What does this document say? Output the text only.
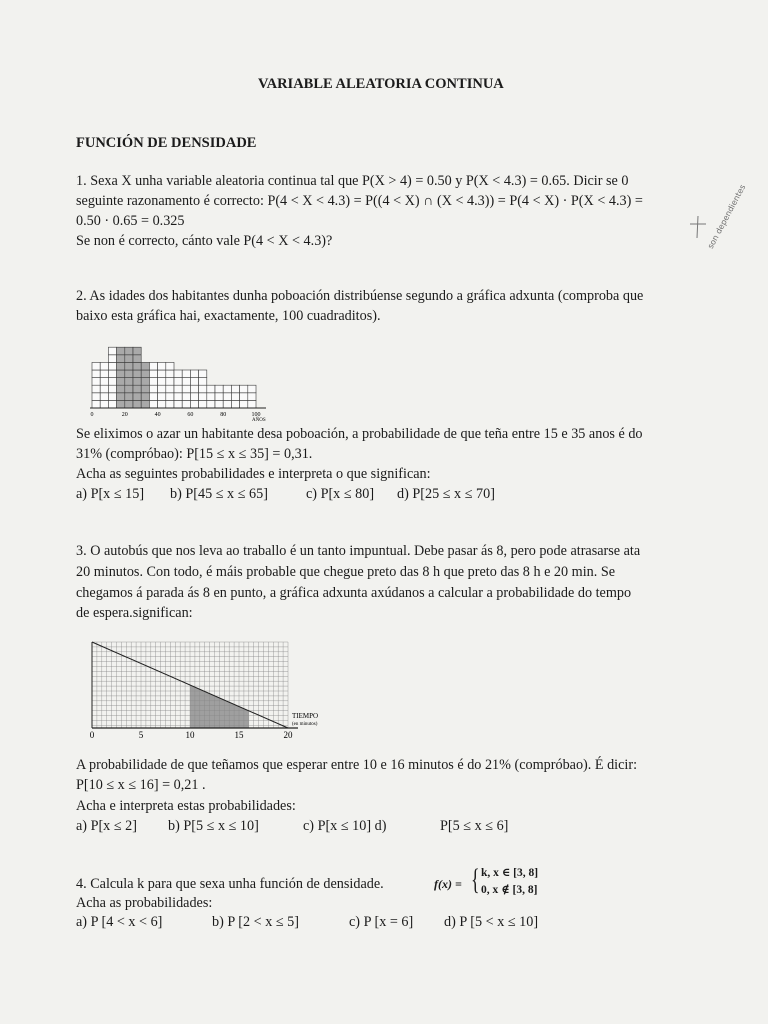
VARIABLE ALEATORIA CONTINUA
FUNCIÓN DE DENSIDADE
1. Sexa X unha variable aleatoria continua tal que P(X > 4) = 0.50 y P(X < 4.3) = 0.65. Dicir se 0
seguinte razonamento é correcto: P(4 < X < 4.3) = P((4 < X) ∩ (X < 4.3)) = P(4 < X) · P(X < 4.3) =
0.50 · 0.65 = 0.325
Se non é correcto, cánto vale P(4 < X < 4.3)?	son dependientes
2. As idades dos habitantes dunha poboación distribúense segundo a gráfica adxunta (comproba que
baixo esta gráfica hai, exactamente, 100 cuadraditos).
0	20	40	60	80	100
AÑOS
Se eliximos o azar un habitante desa poboación, a probabilidade de que teña entre 15 e 35 anos é do
31% (compróbao): P[15 ≤ x ≤ 35] = 0,31.
Acha as seguintes probabilidades e interpreta o que significan:
a) P[x ≤ 15] b) P[45 ≤ x ≤ 65]	c) P[x ≤ 80] d) P[25 ≤ x ≤ 70]
3. O autobús que nos leva ao traballo é un tanto impuntual. Debe pasar ás 8, pero pode atrasarse ata
20 minutos. Con todo, é máis probable que chegue preto das 8 h que preto das 8 h e 20 min. Se
chegamos á parada ás 8 en punto, a gráfica adxunta axúdanos a calcular a probabilidade do tempo
de espera.significan:
0	5	10	15	20
TIEMPO
(en minutos)
A probabilidade de que teñamos que esperar entre 10 e 16 minutos é do 21% (compróbao). É dicir:
P[10 ≤ x ≤ 16] = 0,21 .
Acha e interpreta estas probabilidades:
a) P[x ≤ 2] b) P[5 ≤ x ≤ 10]	c) P[x ≤ 10] d)	P[5 ≤ x ≤ 6]
4. Calcula k para que sexa unha función de densidade.	f(x) = { k, x ∈ [3, 8]
0, x ∉ [3, 8]
Acha as probabilidades:
a) P [4 < x < 6]	b) P [2 < x ≤ 5]	c) P [x = 6] d) P [5 < x ≤ 10]
